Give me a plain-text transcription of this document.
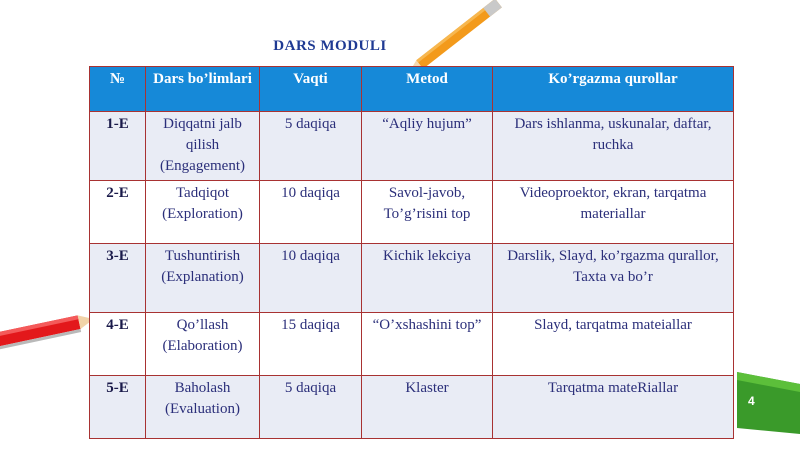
DARS MODULI
№	Dars bo’limlari	Vaqti	Metod	Ko’rgazma qurollar
1-E	Diqqatni jalb qilish (Engagement)	5 daqiqa	“Aqliy hujum”	Dars ishlanma, uskunalar, daftar, ruchka
2-E	Tadqiqot (Exploration)	10 daqiqa	Savol-javob, To’g’risini top	Videoproektor, ekran, tarqatma materiallar
3-E	Tushuntirish (Explanation)	10 daqiqa	Kichik lekciya	Darslik, Slayd, ko’rgazma qurallor, Taxta va bo’r
4-E	Qo’llash (Elaboration)	15 daqiqa	“O’xshashini top”	Slayd, tarqatma mateiallar
5-E	Baholash (Evaluation)	5 daqiqa	Klaster	Tarqatma mateRiallar
4
